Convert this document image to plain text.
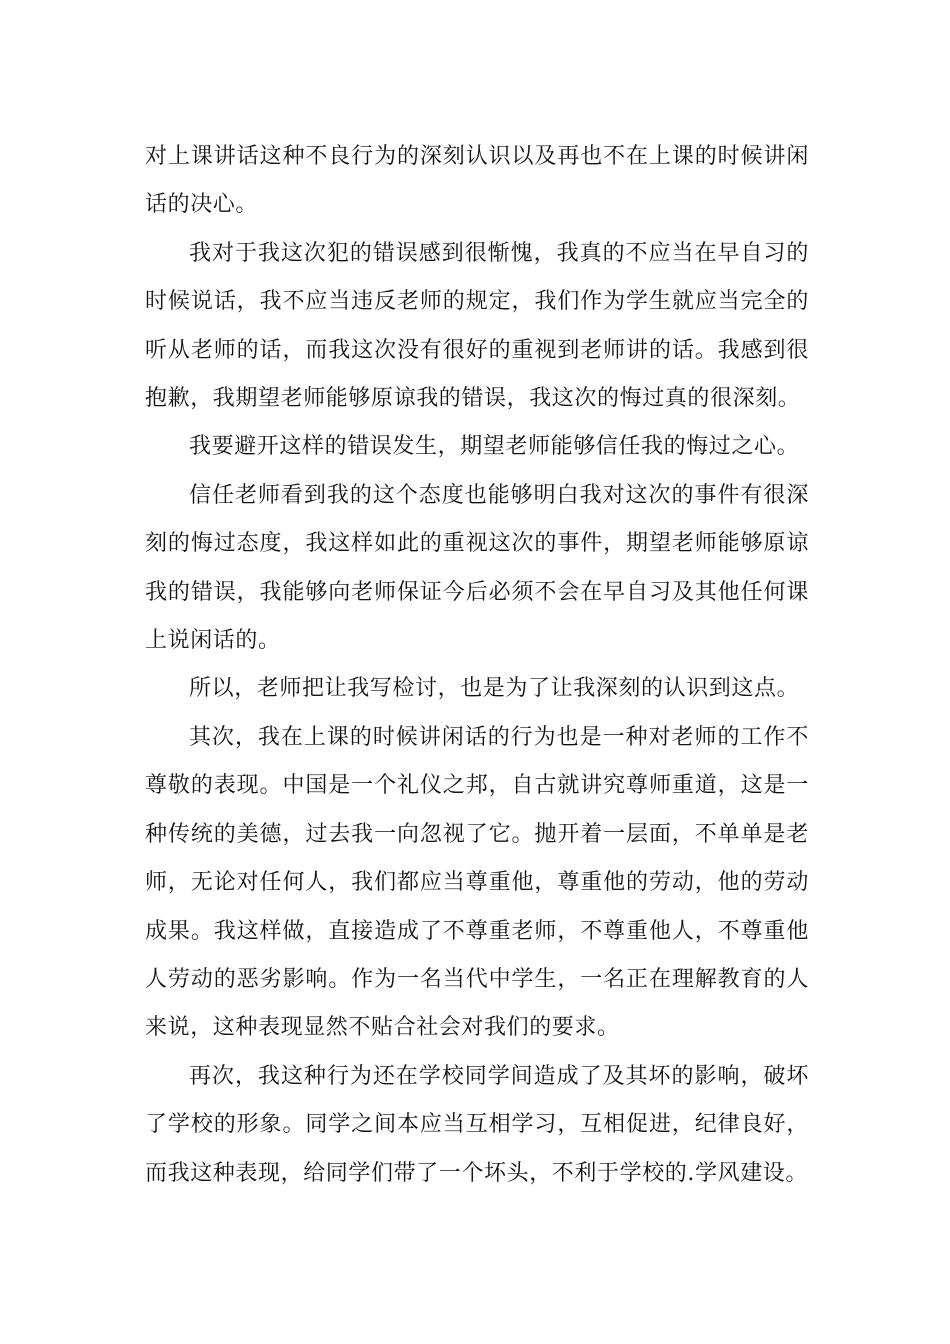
对上课讲话这种不良行为的深刻认识以及再也不在上课的时候讲闲话的决心。

我对于我这次犯的错误感到很惭愧，我真的不应当在早自习的时候说话，我不应当违反老师的规定，我们作为学生就应当完全的听从老师的话，而我这次没有很好的重视到老师讲的话。我感到很抱歉，我期望老师能够原谅我的错误，我这次的悔过真的很深刻。

我要避开这样的错误发生，期望老师能够信任我的悔过之心。

信任老师看到我的这个态度也能够明白我对这次的事件有很深刻的悔过态度，我这样如此的重视这次的事件，期望老师能够原谅我的错误，我能够向老师保证今后必须不会在早自习及其他任何课上说闲话的。

所以，老师把让我写检讨，也是为了让我深刻的认识到这点。

其次，我在上课的时候讲闲话的行为也是一种对老师的工作不尊敬的表现。中国是一个礼仪之邦，自古就讲究尊师重道，这是一种传统的美德，过去我一向忽视了它。抛开着一层面，不单单是老师，无论对任何人，我们都应当尊重他，尊重他的劳动，他的劳动成果。我这样做，直接造成了不尊重老师，不尊重他人，不尊重他人劳动的恶劣影响。作为一名当代中学生，一名正在理解教育的人来说，这种表现显然不贴合社会对我们的要求。

再次，我这种行为还在学校同学间造成了及其坏的影响，破坏了学校的形象。同学之间本应当互相学习，互相促进，纪律良好，而我这种表现，给同学们带了一个坏头，不利于学校的.学风建设。
